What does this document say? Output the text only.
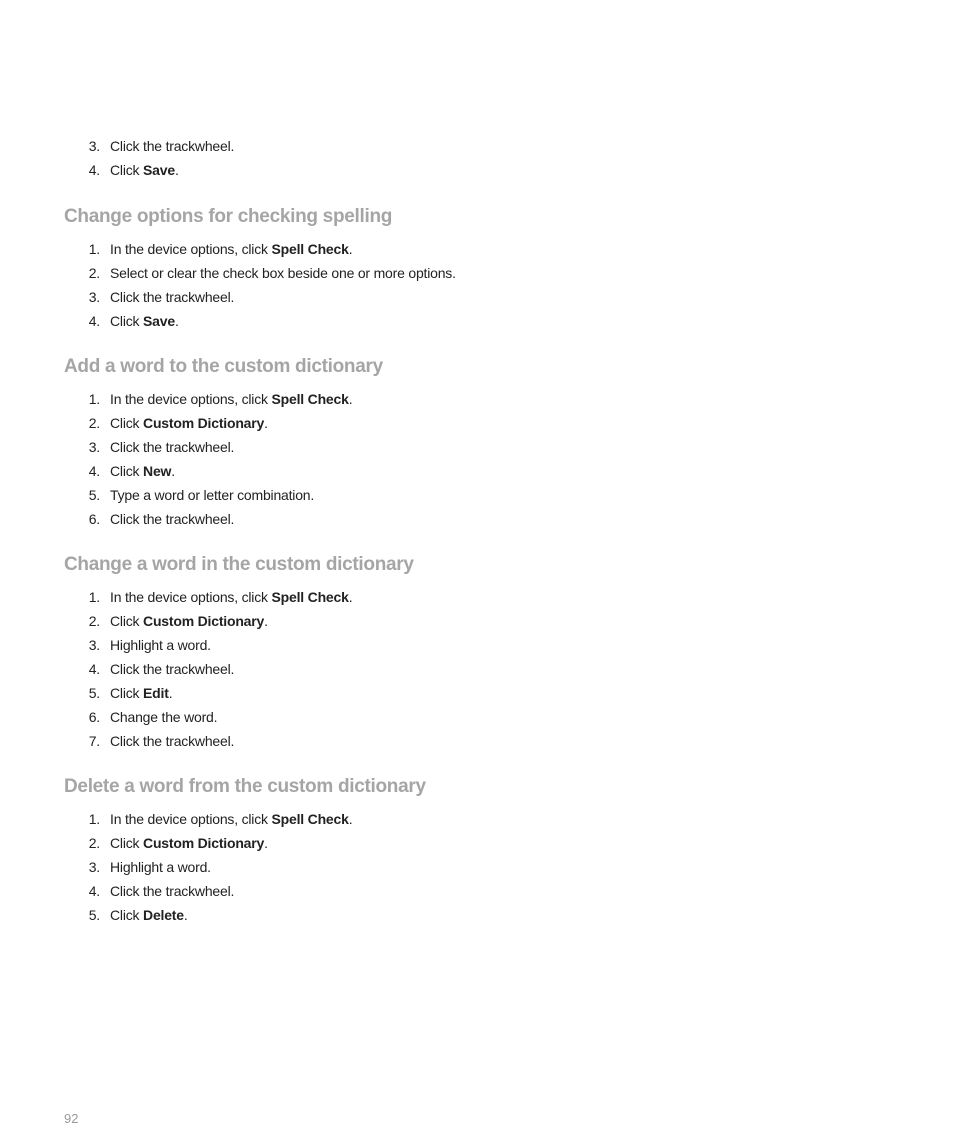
3. Click the trackwheel.
4. Click Save.
Change options for checking spelling
1. In the device options, click Spell Check.
2. Select or clear the check box beside one or more options.
3. Click the trackwheel.
4. Click Save.
Add a word to the custom dictionary
1. In the device options, click Spell Check.
2. Click Custom Dictionary.
3. Click the trackwheel.
4. Click New.
5. Type a word or letter combination.
6. Click the trackwheel.
Change a word in the custom dictionary
1. In the device options, click Spell Check.
2. Click Custom Dictionary.
3. Highlight a word.
4. Click the trackwheel.
5. Click Edit.
6. Change the word.
7. Click the trackwheel.
Delete a word from the custom dictionary
1. In the device options, click Spell Check.
2. Click Custom Dictionary.
3. Highlight a word.
4. Click the trackwheel.
5. Click Delete.
92
